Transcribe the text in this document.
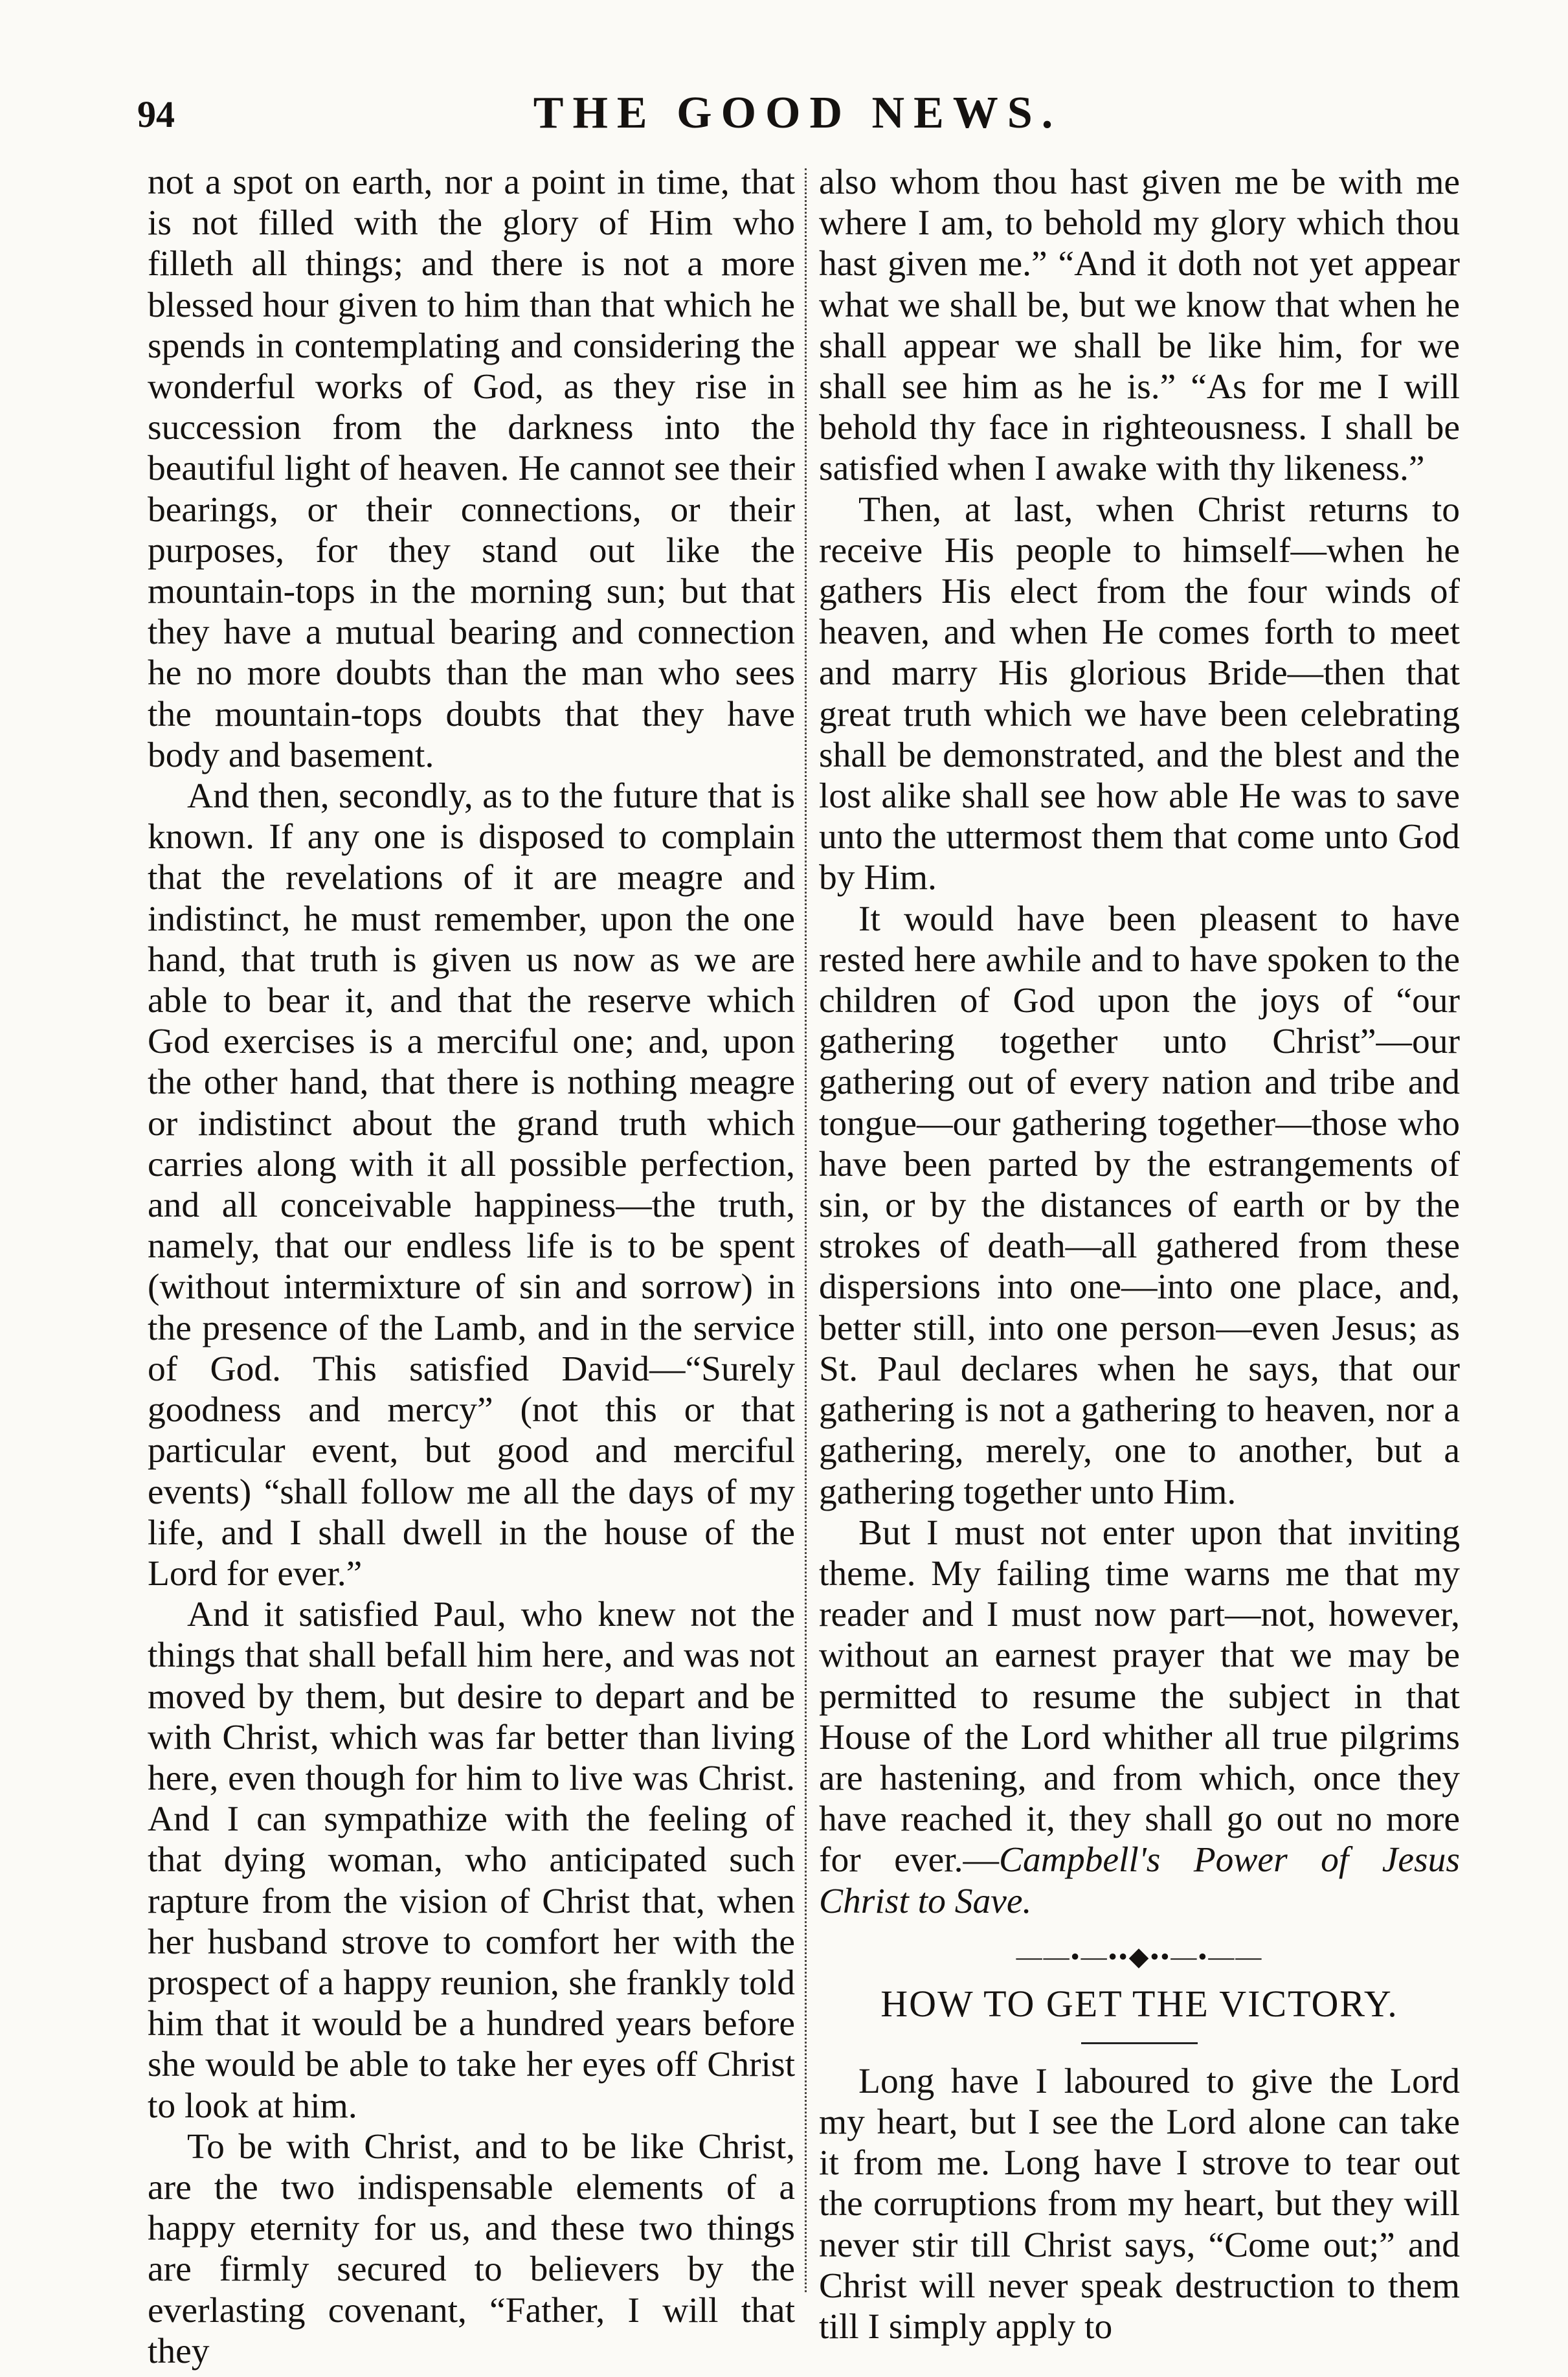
94	THE GOOD NEWS.

not a spot on earth, nor a point in time, that is not filled with the glory of Him who filleth all things; and there is not a more blessed hour given to him than that which he spends in contemplating and considering the wonderful works of God, as they rise in succession from the darkness into the beautiful light of heaven. He cannot see their bearings, or their connections, or their purposes, for they stand out like the mountain-tops in the morning sun; but that they have a mutual bearing and connection he no more doubts than the man who sees the mountain-tops doubts that they have body and basement.

And then, secondly, as to the future that is known. If any one is disposed to complain that the revelations of it are meagre and indistinct, he must remember, upon the one hand, that truth is given us now as we are able to bear it, and that the reserve which God exercises is a merciful one; and, upon the other hand, that there is nothing meagre or indistinct about the grand truth which carries along with it all possible perfection, and all conceivable happiness—the truth, namely, that our endless life is to be spent (without intermixture of sin and sorrow) in the presence of the Lamb, and in the service of God. This satisfied David—“Surely goodness and mercy” (not this or that particular event, but good and merciful events) “shall follow me all the days of my life, and I shall dwell in the house of the Lord for ever.”

And it satisfied Paul, who knew not the things that shall befall him here, and was not moved by them, but desire to depart and be with Christ, which was far better than living here, even though for him to live was Christ. And I can sympathize with the feeling of that dying woman, who anticipated such rapture from the vision of Christ that, when her husband strove to comfort her with the prospect of a happy reunion, she frankly told him that it would be a hundred years before she would be able to take her eyes off Christ to look at him.

To be with Christ, and to be like Christ, are the two indispensable elements of a happy eternity for us, and these two things are firmly secured to believers by the everlasting covenant, “Father, I will that they

also whom thou hast given me be with me where I am, to behold my glory which thou hast given me.” “And it doth not yet appear what we shall be, but we know that when he shall appear we shall be like him, for we shall see him as he is.” “As for me I will behold thy face in righteousness. I shall be satisfied when I awake with thy likeness.”

Then, at last, when Christ returns to receive His people to himself—when he gathers His elect from the four winds of heaven, and when He comes forth to meet and marry His glorious Bride—then that great truth which we have been celebrating shall be demonstrated, and the blest and the lost alike shall see how able He was to save unto the uttermost them that come unto God by Him.

It would have been pleasent to have rested here awhile and to have spoken to the children of God upon the joys of “our gathering together unto Christ”—our gathering out of every nation and tribe and tongue—our gathering together—those who have been parted by the estrangements of sin, or by the distances of earth or by the strokes of death—all gathered from these dispersions into one—into one place, and, better still, into one person—even Jesus; as St. Paul declares when he says, that our gathering is not a gathering to heaven, nor a gathering, merely, one to another, but a gathering together unto Him.

But I must not enter upon that inviting theme. My failing time warns me that my reader and I must now part—not, however, without an earnest prayer that we may be permitted to resume the subject in that House of the Lord whither all true pilgrims are hastening, and from which, once they have reached it, they shall go out no more for ever.—Campbell's Power of Jesus Christ to Save.

——•—••◆••—•——
HOW TO GET THE VICTORY.

Long have I laboured to give the Lord my heart, but I see the Lord alone can take it from me. Long have I strove to tear out the corruptions from my heart, but they will never stir till Christ says, “Come out;” and Christ will never speak destruction to them till I simply apply to
